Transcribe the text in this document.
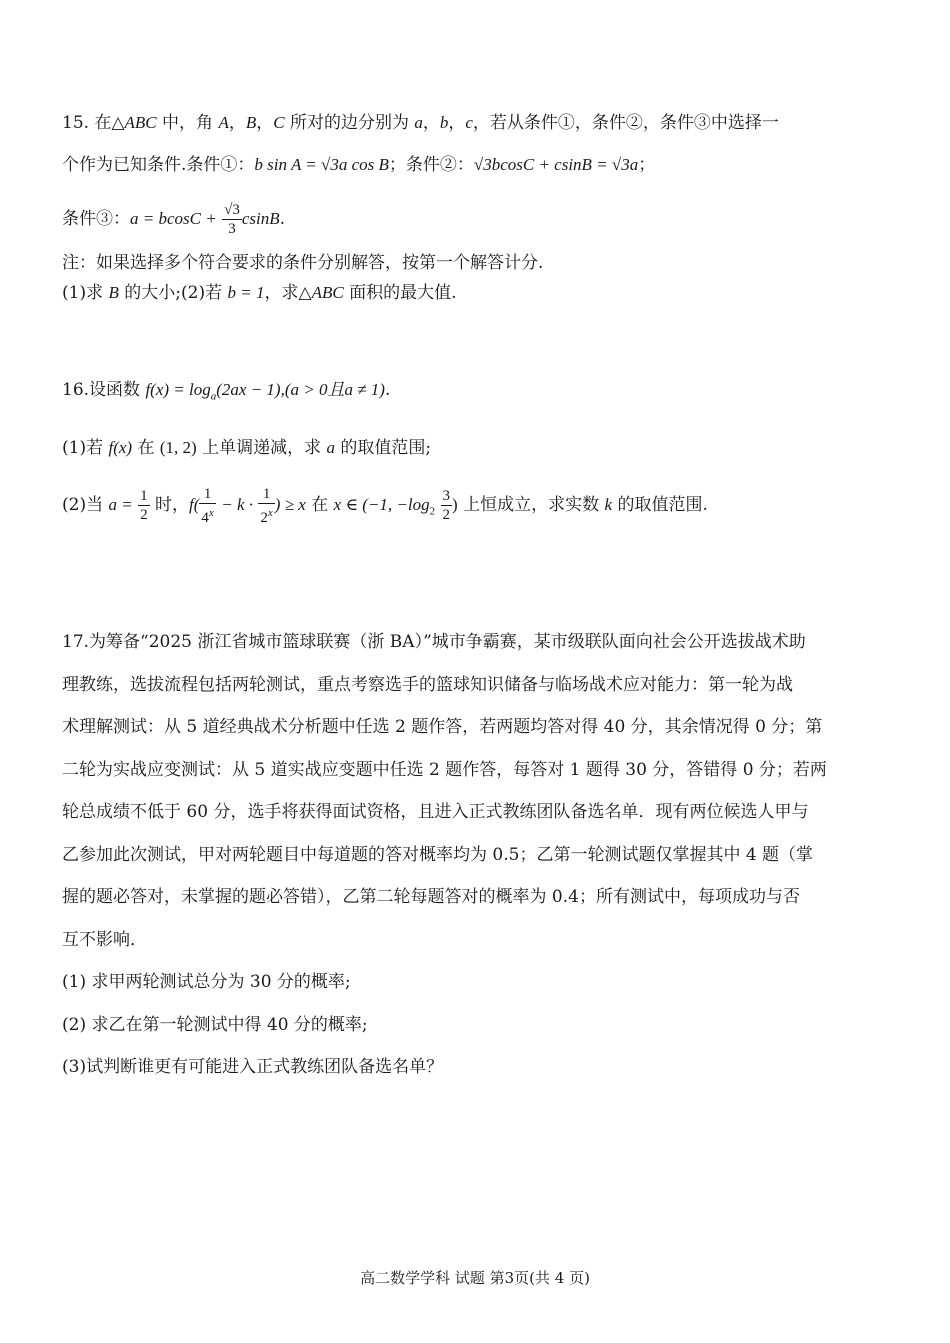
15. 在△ABC 中，角 A，B，C 所对的边分别为 a，b，c，若从条件①，条件②，条件③中选择一
个作为已知条件.条件①：b sin A = √3a cos B；条件②：√3bcosC + csinB = √3a；
条件③：$a = bcosC + \frac{√3}{3} csinB$.
注：如果选择多个符合要求的条件分别解答，按第一个解答计分.
(1)求 B 的大小;(2)若 b = 1，求△ABC 面积的最大值.
16.设函数 $f(x) = \log_a(2ax - 1),(a > 0$且a ≠ 1).
(1)若 f(x) 在 (1, 2) 上单调递减，求 a 的取值范围;
(2)当 $a = \frac{1}{2}$ 时，$f( \frac{1}{4^x} - k \cdot \frac{1}{2^x}$ ) ≥ x 在 x ∈ (−1, $-\log_2 \frac{3}{2}$ ) 上恒成立，求实数 k 的取值范围.
17.为筹备“2025 浙江省城市篮球联赛（浙 BA）”城市争霸赛，某市级联队面向社会公开选拔战术助
理教练，选拔流程包括两轮测试，重点考察选手的篮球知识储备与临场战术应对能力：第一轮为战
术理解测试：从 5 道经典战术分析题中任选 2 题作答，若两题均答对得 40 分，其余情况得 0 分；第
二轮为实战应变测试：从 5 道实战应变题中任选 2 题作答，每答对 1 题得 30 分，答错得 0 分；若两
轮总成绩不低于 60 分，选手将获得面试资格，且进入正式教练团队备选名单．现有两位候选人甲与
乙参加此次测试，甲对两轮题目中每道题的答对概率均为 0.5；乙第一轮测试题仅掌握其中 4 题（掌
握的题必答对，未掌握的题必答错），乙第二轮每题答对的概率为 0.4；所有测试中，每项成功与否
互不影响．
(1) 求甲两轮测试总分为 30 分的概率;
(2) 求乙在第一轮测试中得 40 分的概率;
(3)试判断谁更有可能进入正式教练团队备选名单？
高二数学学科 试题 第3页(共 4 页)
